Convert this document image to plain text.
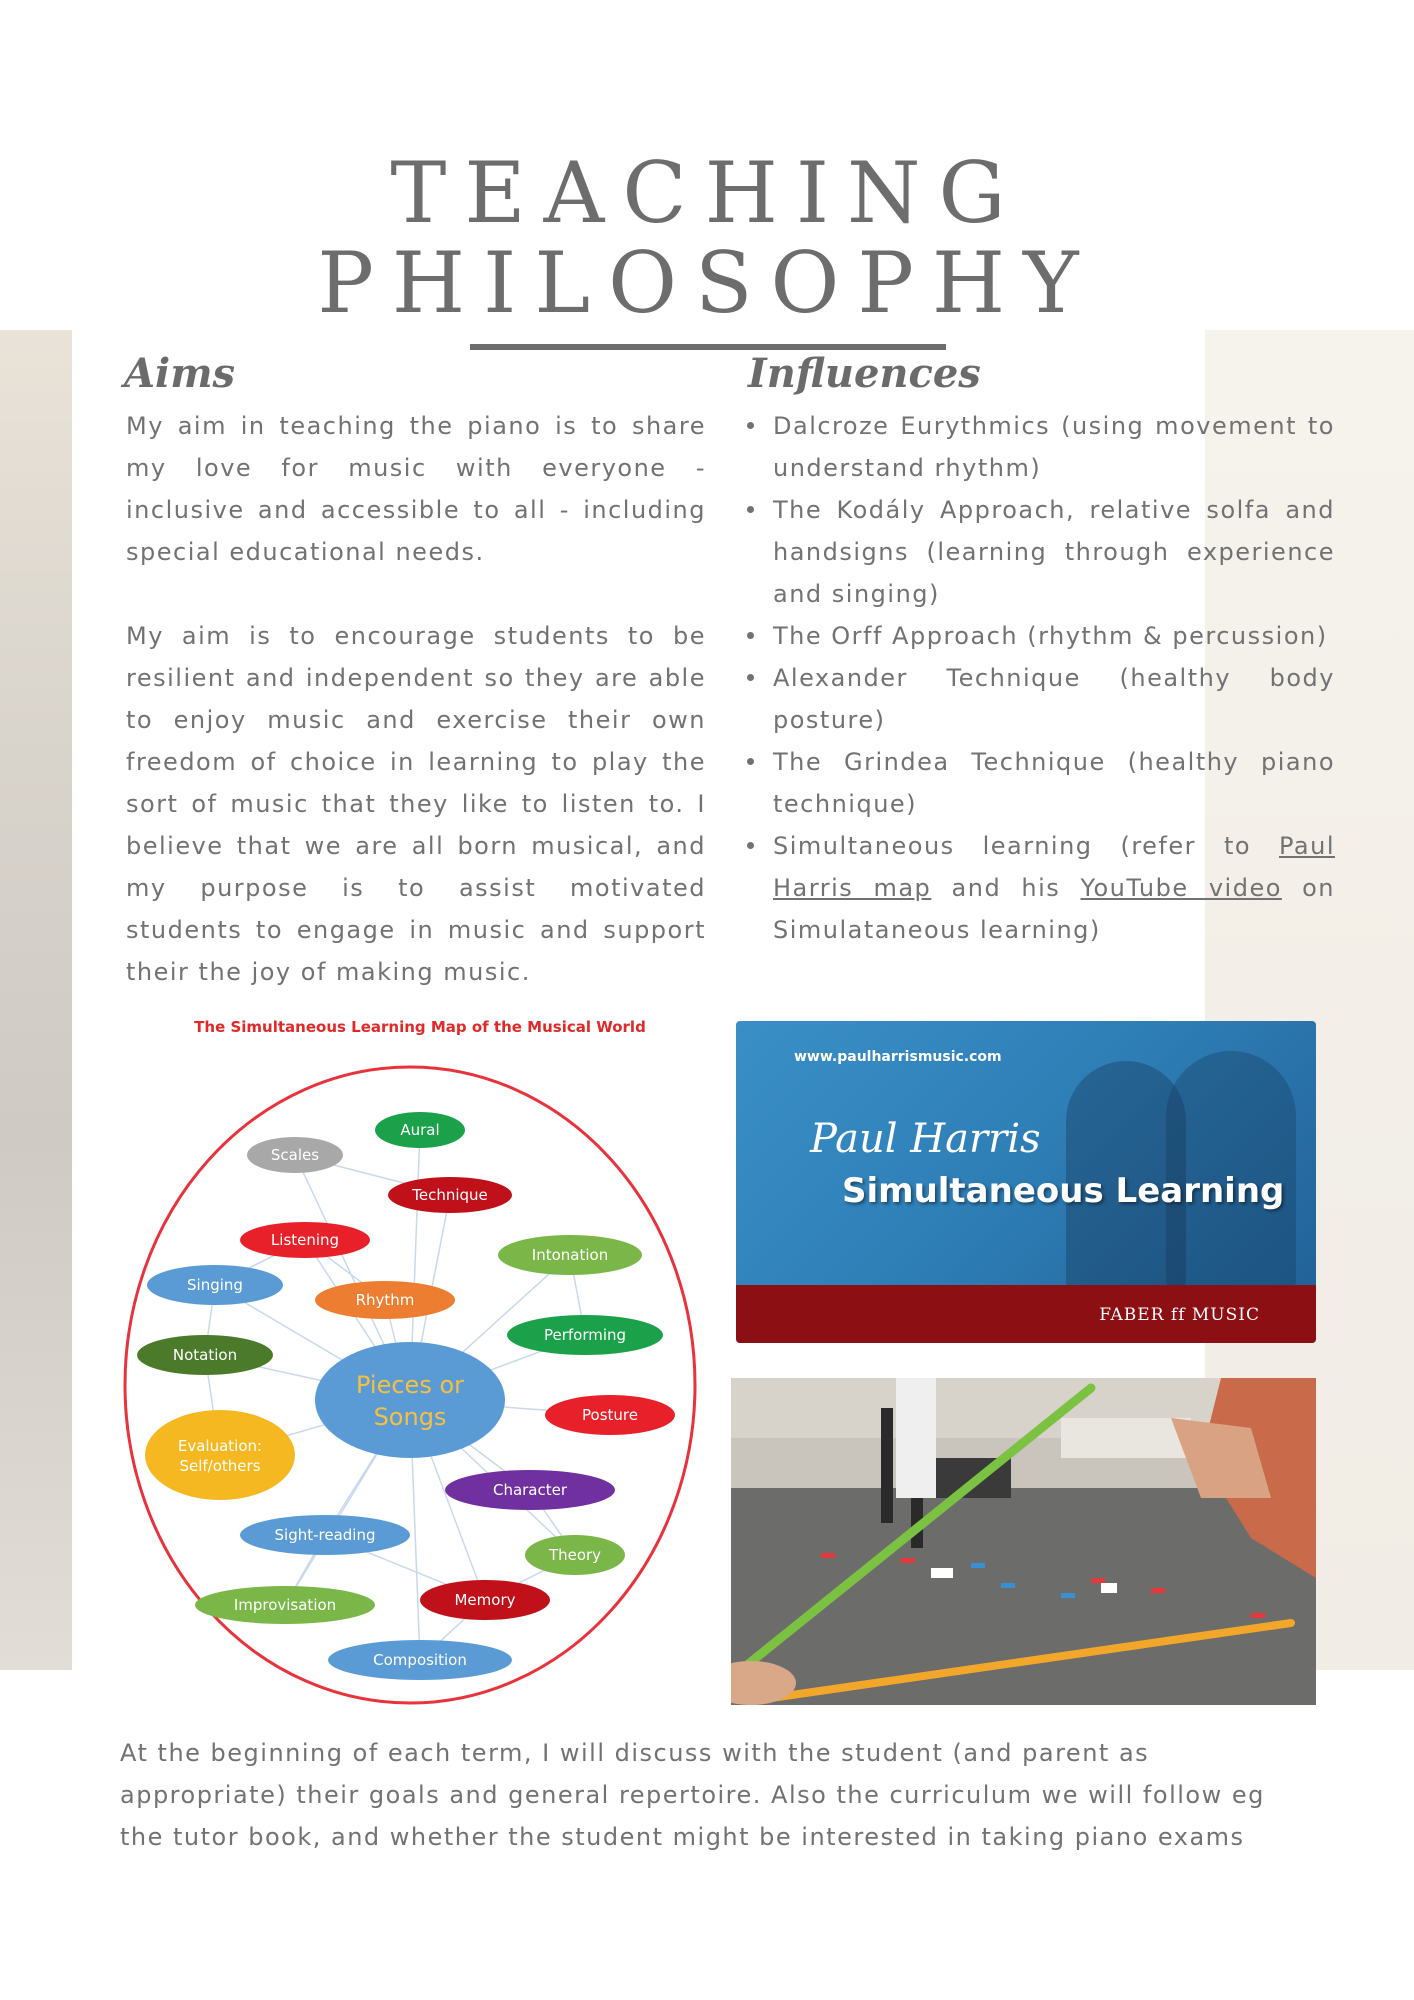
TEACHING
PHILOSOPHY
Aims

My aim in teaching the piano is to share my love for music with everyone - inclusive and accessible to all - including special educational needs.

My aim is to encourage students to be resilient and independent so they are able to enjoy music and exercise their own freedom of choice in learning to play the sort of music that they like to listen to. I believe that we are all born musical, and my purpose is to assist motivated students to engage in music and support their the joy of making music.

Influences
Dalcroze Eurythmics (using movement to understand rhythm)
The Kodály Approach, relative solfa and handsigns (learning through experience and singing)
The Orff Approach (rhythm & percussion)
Alexander Technique (healthy body posture)
The Grindea Technique (healthy piano technique)
Simultaneous learning (refer to Paul Harris map and his YouTube video on Simulataneous learning)
The Simultaneous Learning Map of the Musical World
Aural
Scales
Technique
Listening
Intonation
Singing
Rhythm
Performing
Notation
Posture
Evaluation:
Self/others
Character
Sight-reading
Theory
Memory
Improvisation
Composition
Pieces or
Songs
www.paulharrismusic.com
Paul Harris
Simultaneous Learning
FABER ff MUSIC

At the beginning of each term, I will discuss with the student (and parent as appropriate) their goals and general repertoire. Also the curriculum we will follow eg the tutor book, and whether the student might be interested in taking piano exams
